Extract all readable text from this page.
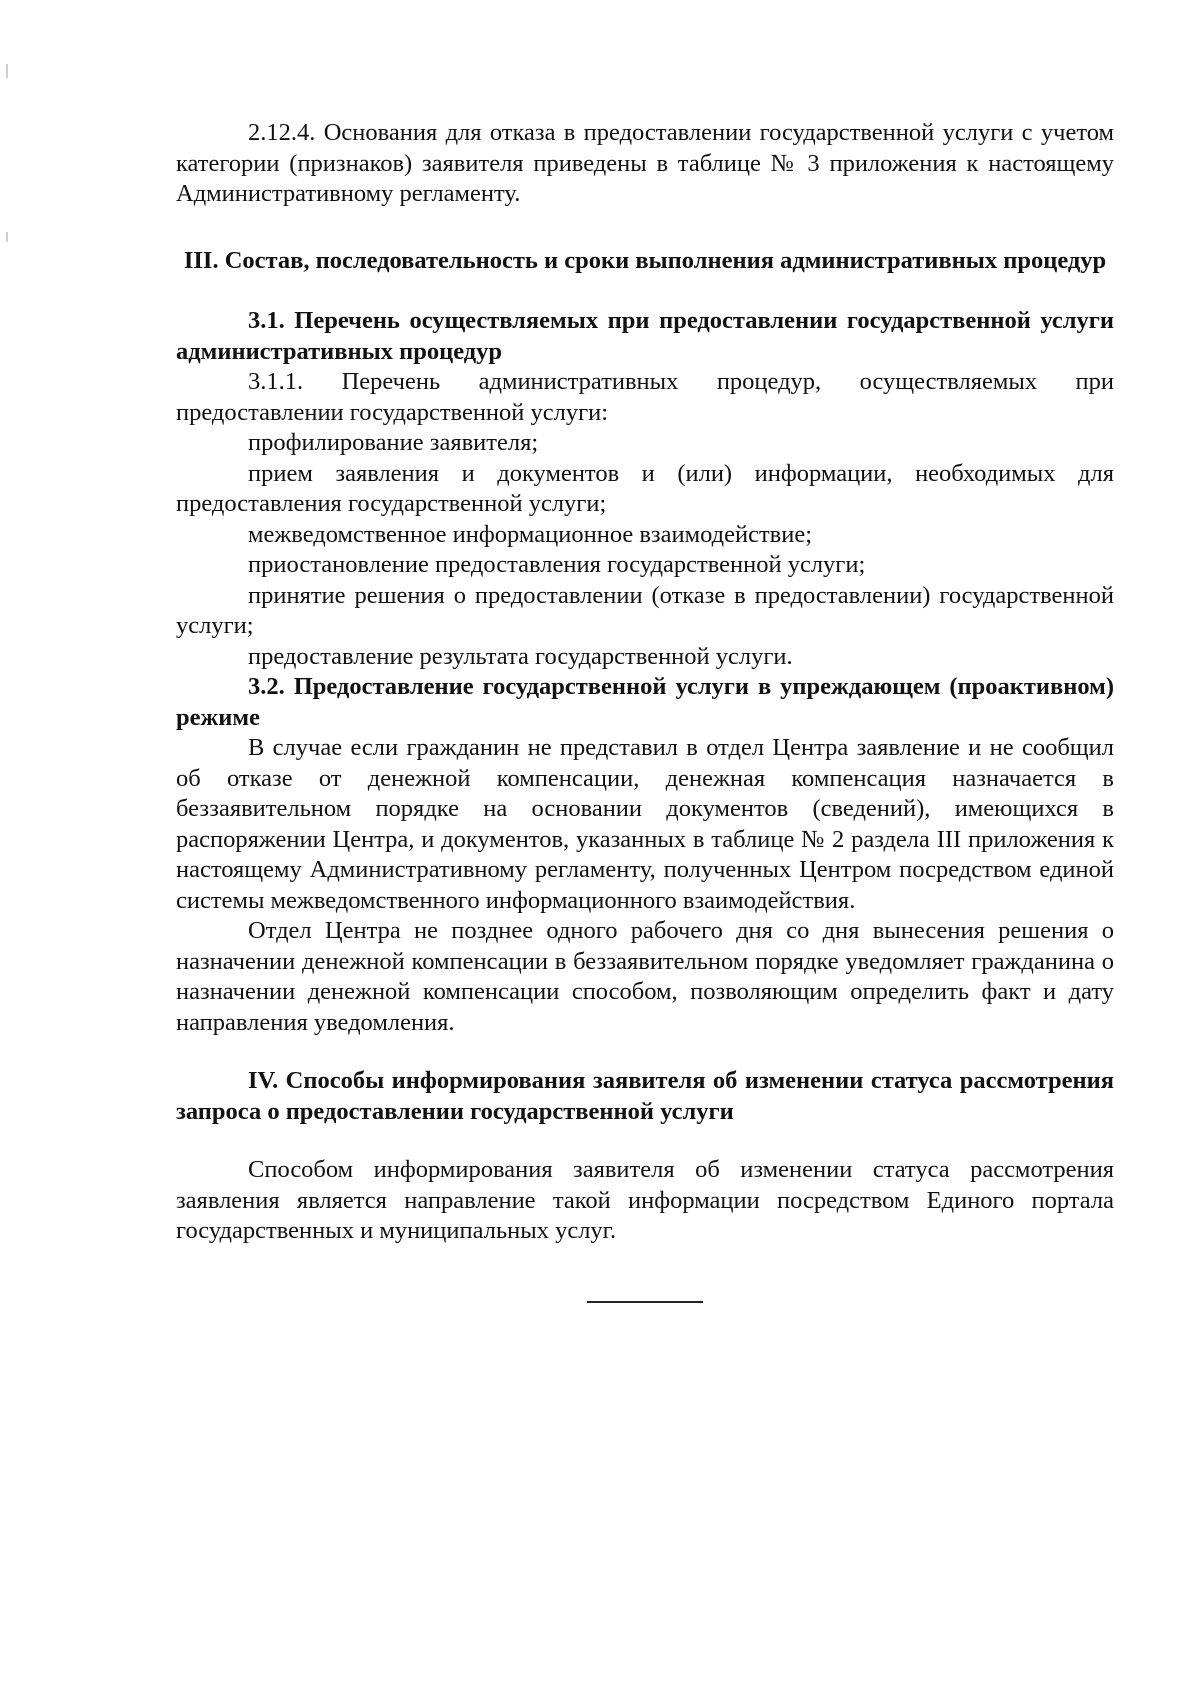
2.12.4. Основания для отказа в предоставлении государственной услуги с учетом категории (признаков) заявителя приведены в таблице № 3 приложения к настоящему Административному регламенту.

III. Состав, последовательность и сроки выполнения административных процедур

3.1. Перечень осуществляемых при предоставлении государственной услуги административных процедур

3.1.1. Перечень административных процедур, осуществляемых при предоставлении государственной услуги:

профилирование заявителя;

прием заявления и документов и (или) информации, необходимых для предоставления государственной услуги;

межведомственное информационное взаимодействие;

приостановление предоставления государственной услуги;

принятие решения о предоставлении (отказе в предоставлении) государственной услуги;

предоставление результата государственной услуги.

3.2. Предоставление государственной услуги в упреждающем (проактивном) режиме

В случае если гражданин не представил в отдел Центра заявление и не сообщил об отказе от денежной компенсации, денежная компенсация назначается в беззаявительном порядке на основании документов (сведений), имеющихся в распоряжении Центра, и документов, указанных в таблице № 2 раздела III приложения к настоящему Административному регламенту, полученных Центром посредством единой системы межведомственного информационного взаимодействия.

Отдел Центра не позднее одного рабочего дня со дня вынесения решения о назначении денежной компенсации в беззаявительном порядке уведомляет гражданина о назначении денежной компенсации способом, позволяющим определить факт и дату направления уведомления.

IV. Способы информирования заявителя об изменении статуса рассмотрения запроса о предоставлении государственной услуги

Способом информирования заявителя об изменении статуса рассмотрения заявления является направление такой информации посредством Единого портала государственных и муниципальных услуг.
